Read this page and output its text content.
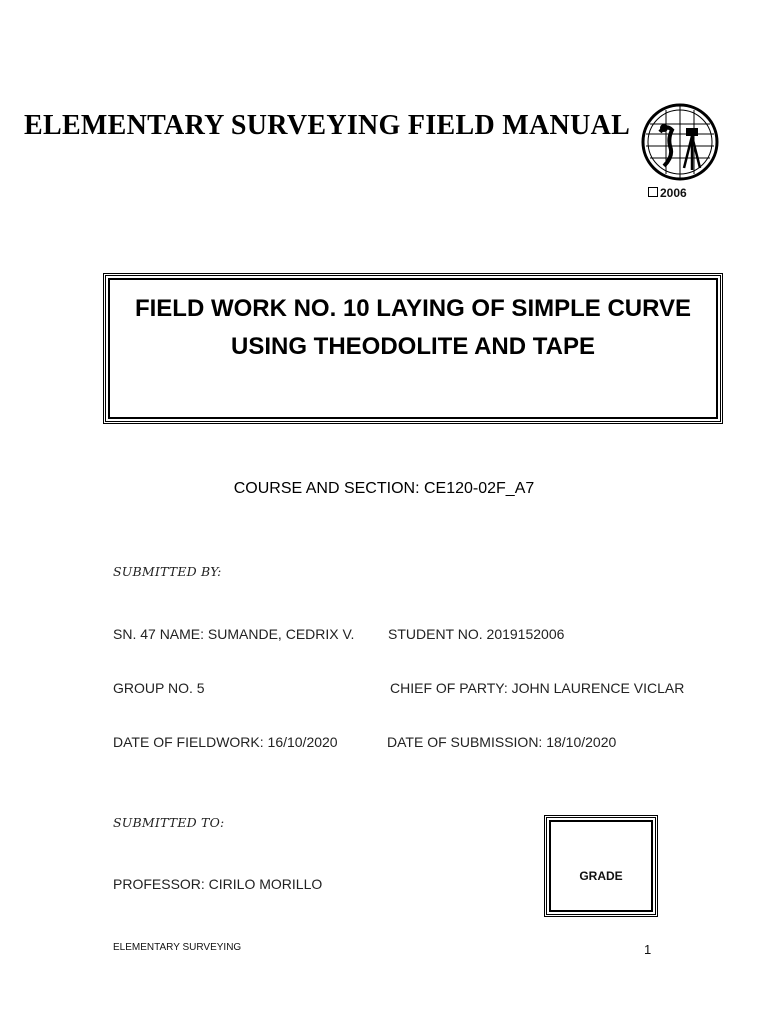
ELEMENTARY SURVEYING FIELD MANUAL
2006
FIELD WORK NO. 10 LAYING OF SIMPLE CURVE
USING THEODOLITE AND TAPE
COURSE AND SECTION: CE120-02F_A7
SUBMITTED BY:
SN. 47 NAME: SUMANDE, CEDRIX V. STUDENT NO. 2019152006
GROUP NO. 5	CHIEF OF PARTY: JOHN LAURENCE VICLAR
DATE OF FIELDWORK: 16/10/2020	DATE OF SUBMISSION: 18/10/2020
SUBMITTED TO:
PROFESSOR: CIRILO MORILLO	GRADE
ELEMENTARY SURVEYING	1
